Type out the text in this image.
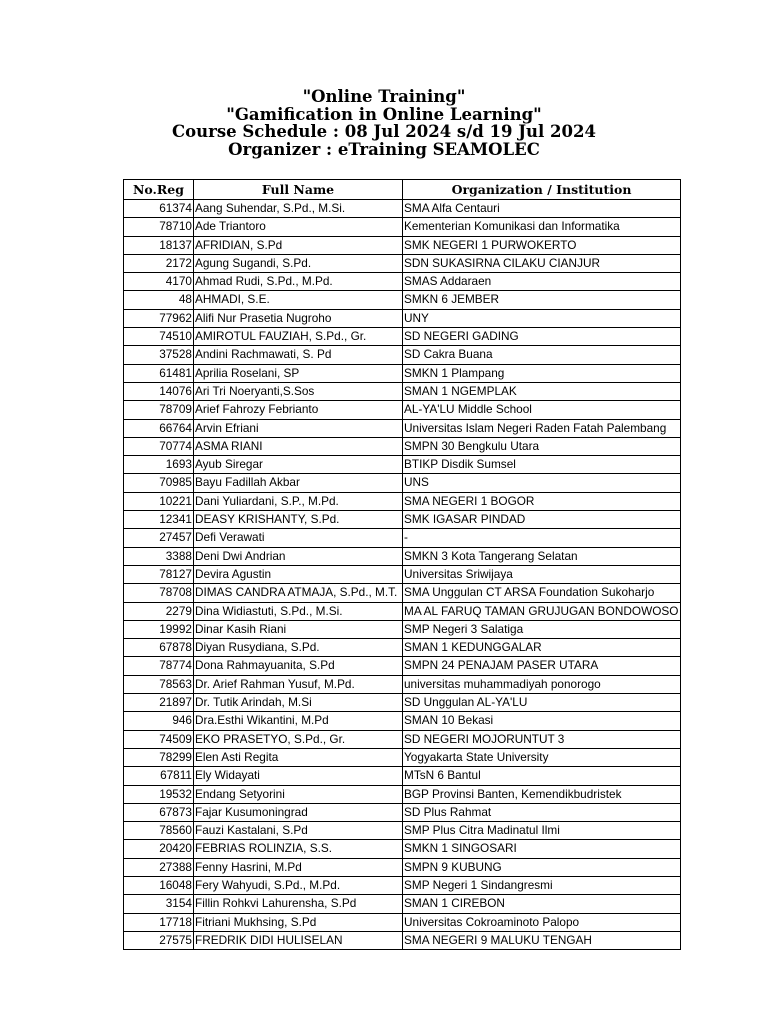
"Online Training"
"Gamification in Online Learning"
Course Schedule : 08 Jul 2024 s/d 19 Jul 2024
Organizer : eTraining SEAMOLEC
No.Reg	Full Name	Organization / Institution
61374	Aang Suhendar, S.Pd., M.Si.	SMA Alfa Centauri
78710	Ade Triantoro	Kementerian Komunikasi dan Informatika
18137	AFRIDIAN, S.Pd	SMK NEGERI 1 PURWOKERTO
2172	Agung Sugandi, S.Pd.	SDN SUKASIRNA CILAKU CIANJUR
4170	Ahmad Rudi, S.Pd., M.Pd.	SMAS Addaraen
48	AHMADI, S.E.	SMKN 6 JEMBER
77962	Alifi Nur Prasetia Nugroho	UNY
74510	AMIROTUL FAUZIAH, S.Pd., Gr.	SD NEGERI GADING
37528	Andini Rachmawati, S. Pd	SD Cakra Buana
61481	Aprilia Roselani, SP	SMKN 1 Plampang
14076	Ari Tri Noeryanti,S.Sos	SMAN 1 NGEMPLAK
78709	Arief Fahrozy Febrianto	AL-YA'LU Middle School
66764	Arvin Efriani	Universitas Islam Negeri Raden Fatah Palembang
70774	ASMA RIANI	SMPN 30 Bengkulu Utara
1693	Ayub Siregar	BTIKP Disdik Sumsel
70985	Bayu Fadillah Akbar	UNS
10221	Dani Yuliardani, S.P., M.Pd.	SMA NEGERI 1 BOGOR
12341	DEASY KRISHANTY, S.Pd.	SMK IGASAR PINDAD
27457	Defi Verawati	-
3388	Deni Dwi Andrian	SMKN 3 Kota Tangerang Selatan
78127	Devira Agustin	Universitas Sriwijaya
78708	DIMAS CANDRA ATMAJA, S.Pd., M.T.	SMA Unggulan CT ARSA Foundation Sukoharjo
2279	Dina Widiastuti, S.Pd., M.Si.	MA AL FARUQ TAMAN GRUJUGAN BONDOWOSO
19992	Dinar Kasih Riani	SMP Negeri 3 Salatiga
67878	Diyan Rusydiana, S.Pd.	SMAN 1 KEDUNGGALAR
78774	Dona Rahmayuanita, S.Pd	SMPN 24 PENAJAM PASER UTARA
78563	Dr. Arief Rahman Yusuf, M.Pd.	universitas muhammadiyah ponorogo
21897	Dr. Tutik Arindah, M.Si	SD Unggulan AL-YA'LU
946	Dra.Esthi Wikantini, M.Pd	SMAN 10 Bekasi
74509	EKO PRASETYO, S.Pd., Gr.	SD NEGERI MOJORUNTUT 3
78299	Elen Asti Regita	Yogyakarta State University
67811	Ely Widayati	MTsN 6 Bantul
19532	Endang Setyorini	BGP Provinsi Banten, Kemendikbudristek
67873	Fajar Kusumoningrad	SD Plus Rahmat
78560	Fauzi Kastalani, S.Pd	SMP Plus Citra Madinatul Ilmi
20420	FEBRIAS ROLINZIA, S.S.	SMKN 1 SINGOSARI
27388	Fenny Hasrini, M.Pd	SMPN 9 KUBUNG
16048	Fery Wahyudi, S.Pd., M.Pd.	SMP Negeri 1 Sindangresmi
3154	Fillin Rohkvi Lahurensha, S.Pd	SMAN 1 CIREBON
17718	Fitriani Mukhsing, S.Pd	Universitas Cokroaminoto Palopo
27575	FREDRIK DIDI HULISELAN	SMA NEGERI 9 MALUKU TENGAH
